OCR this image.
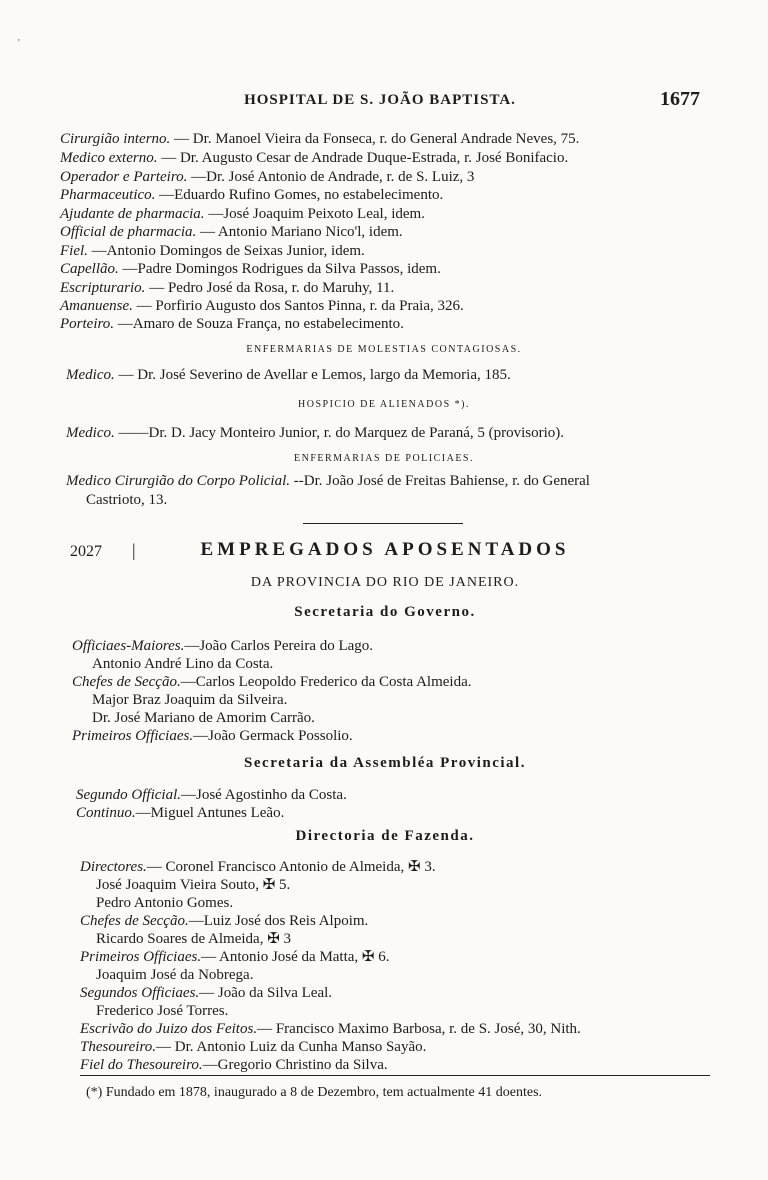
'
HOSPITAL DE S. JOÃO BAPTISTA.	1677
Cirurgião interno. — Dr. Manoel Vieira da Fonseca, r. do General Andrade Neves, 75.
Medico externo. — Dr. Augusto Cesar de Andrade Duque-Estrada, r. José Bonifacio.
Operador e Parteiro. —Dr. José Antonio de Andrade, r. de S. Luiz, 3
Pharmaceutico. —Eduardo Rufino Gomes, no estabelecimento.
Ajudante de pharmacia. —José Joaquim Peixoto Leal, idem.
Official de pharmacia. — Antonio Mariano Nico'l, idem.
Fiel. —Antonio Domingos de Seixas Junior, idem.
Capellão. —Padre Domingos Rodrigues da Silva Passos, idem.
Escripturario. — Pedro José da Rosa, r. do Maruhy, 11.
Amanuense. — Porfirio Augusto dos Santos Pinna, r. da Praia, 326.
Porteiro. —Amaro de Souza França, no estabelecimento.
ENFERMARIAS DE MOLESTIAS CONTAGIOSAS.
Medico. — Dr. José Severino de Avellar e Lemos, largo da Memoria, 185.
HOSPICIO DE ALIENADOS *).
Medico. ——Dr. D. Jacy Monteiro Junior, r. do Marquez de Paraná, 5 (provisorio).
ENFERMARIAS DE POLICIAES.
Medico Cirurgião do Corpo Policial. --Dr. João José de Freitas Bahiense, r. do General
Castrioto, 13.
2027 |	EMPREGADOS APOSENTADOS
DA PROVINCIA DO RIO DE JANEIRO.
Secretaria do Governo.
Officiaes-Maiores.—João Carlos Pereira do Lago.
Antonio André Lino da Costa.
Chefes de Secção.—Carlos Leopoldo Frederico da Costa Almeida.
Major Braz Joaquim da Silveira.
Dr. José Mariano de Amorim Carrão.
Primeiros Officiaes.—João Germack Possolio.
Secretaria da Assembléa Provincial.
Segundo Official.—José Agostinho da Costa.
Continuo.—Miguel Antunes Leão.
Directoria de Fazenda.
Directores.— Coronel Francisco Antonio de Almeida, ✠ 3.
José Joaquim Vieira Souto, ✠ 5.
Pedro Antonio Gomes.
Chefes de Secção.—Luiz José dos Reis Alpoim.
Ricardo Soares de Almeida, ✠ 3
Primeiros Officiaes.— Antonio José da Matta, ✠ 6.
Joaquim José da Nobrega.
Segundos Officiaes.— João da Silva Leal.
Frederico José Torres.
Escrivão do Juizo dos Feitos.— Francisco Maximo Barbosa, r. de S. José, 30, Nith.
Thesoureiro.— Dr. Antonio Luiz da Cunha Manso Sayão.
Fiel do Thesoureiro.—Gregorio Christino da Silva.
(*) Fundado em 1878, inaugurado a 8 de Dezembro, tem actualmente 41 doentes.
